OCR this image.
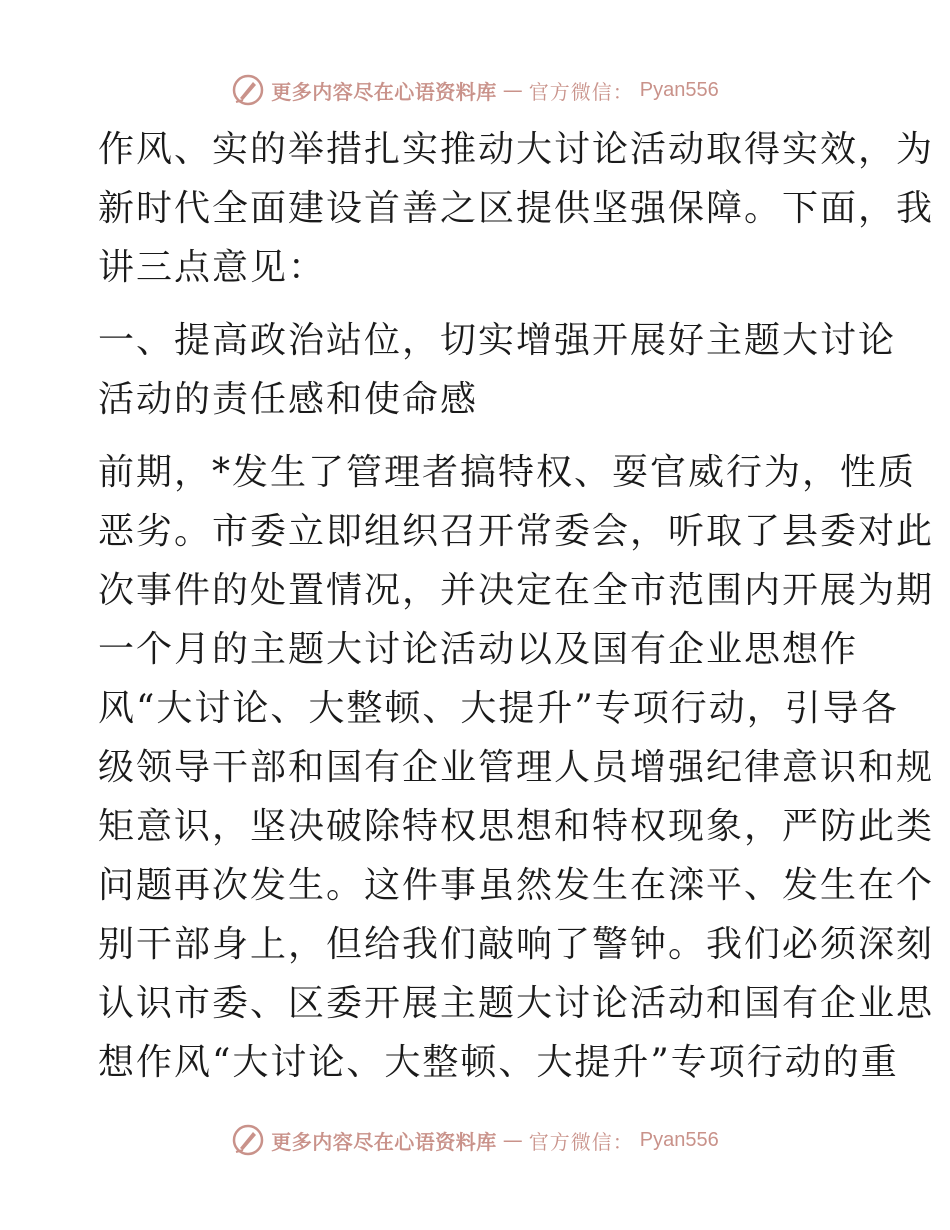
更多内容尽在心语资料库 — 官方微信： Pyan556

作风、实的举措扎实推动大讨论活动取得实效，为

新时代全面建设首善之区提供坚强保障。下面，我

讲三点意见：

一、提高政治站位，切实增强开展好主题大讨论

活动的责任感和使命感

前期，*发生了管理者搞特权、耍官威行为，性质

恶劣。市委立即组织召开常委会，听取了县委对此

次事件的处置情况，并决定在全市范围内开展为期

一个月的主题大讨论活动以及国有企业思想作

风“大讨论、大整顿、大提升”专项行动，引导各

级领导干部和国有企业管理人员增强纪律意识和规

矩意识，坚决破除特权思想和特权现象，严防此类

问题再次发生。这件事虽然发生在滦平、发生在个

别干部身上，但给我们敲响了警钟。我们必须深刻

认识市委、区委开展主题大讨论活动和国有企业思

想作风“大讨论、大整顿、大提升”专项行动的重

更多内容尽在心语资料库 — 官方微信： Pyan556
